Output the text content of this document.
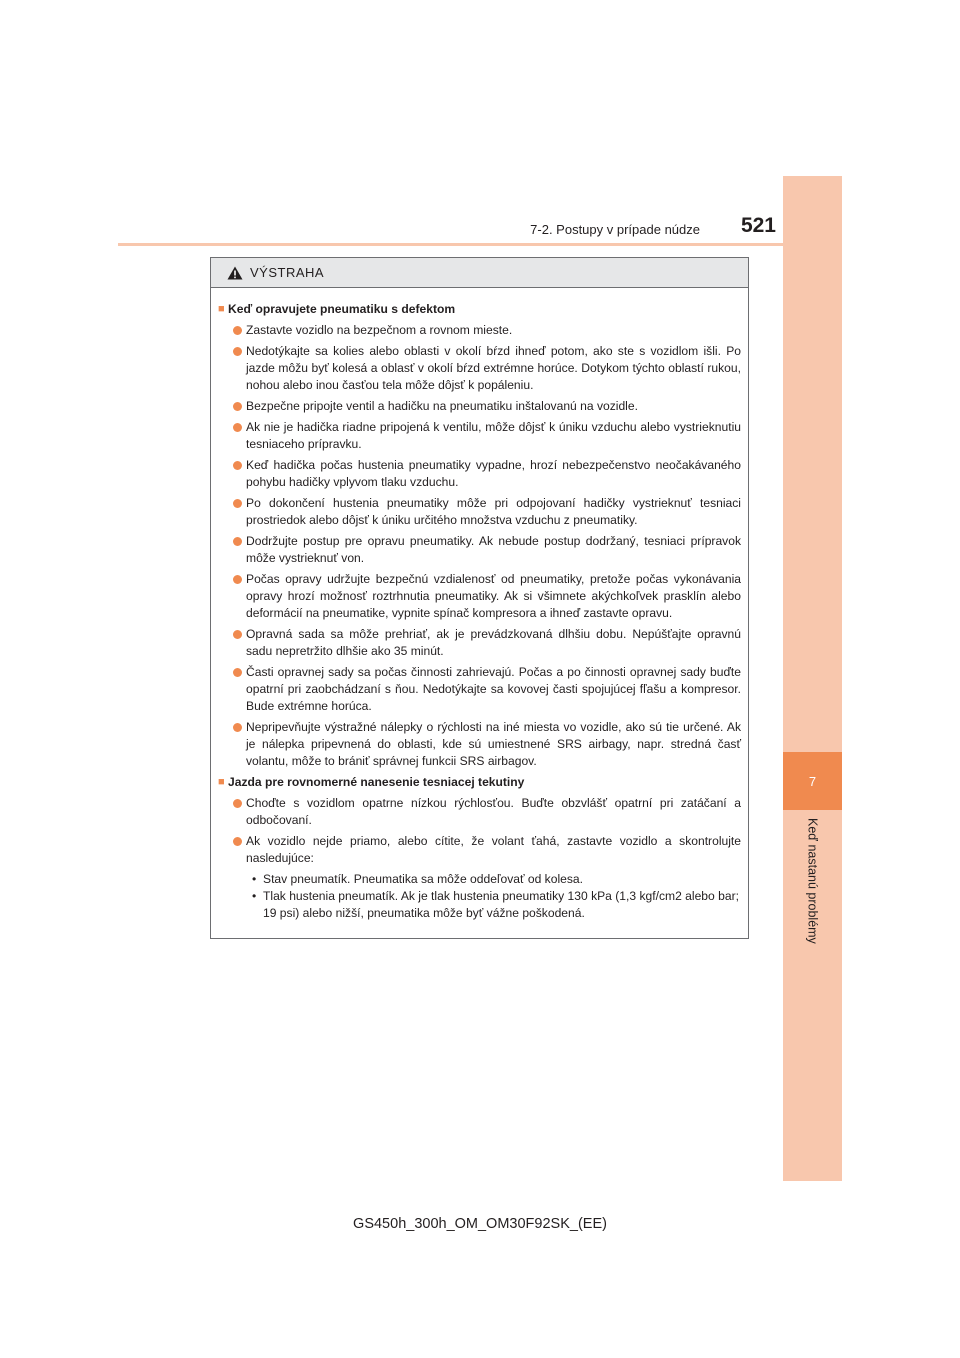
7
Keď nastanú problémy
7-2. Postupy v prípade núdze	521
VÝSTRAHA
■ Keď opravujete pneumatiku s defektom
Zastavte vozidlo na bezpečnom a rovnom mieste.
Nedotýkajte sa kolies alebo oblasti v okolí bŕzd ihneď potom, ako ste s vozidlom išli. Po jazde môžu byť kolesá a oblasť v okolí bŕzd extrémne horúce. Dotykom týchto oblastí rukou, nohou alebo inou časťou tela môže dôjsť k popáleniu.
Bezpečne pripojte ventil a hadičku na pneumatiku inštalovanú na vozidle.
Ak nie je hadička riadne pripojená k ventilu, môže dôjsť k úniku vzduchu alebo vystrieknutiu tesniaceho prípravku.
Keď hadička počas hustenia pneumatiky vypadne, hrozí nebezpečenstvo neočakávaného pohybu hadičky vplyvom tlaku vzduchu.
Po dokončení hustenia pneumatiky môže pri odpojovaní hadičky vystrieknuť tesniaci prostriedok alebo dôjsť k úniku určitého množstva vzduchu z pneumatiky.
Dodržujte postup pre opravu pneumatiky. Ak nebude postup dodržaný, tesniaci prípravok môže vystrieknuť von.
Počas opravy udržujte bezpečnú vzdialenosť od pneumatiky, pretože počas vykonávania opravy hrozí možnosť roztrhnutia pneumatiky. Ak si všimnete akýchkoľvek prasklín alebo deformácií na pneumatike, vypnite spínač kompresora a ihneď zastavte opravu.
Opravná sada sa môže prehriať, ak je prevádzkovaná dlhšiu dobu. Nepúšťajte opravnú sadu nepretržito dlhšie ako 35 minút.
Časti opravnej sady sa počas činnosti zahrievajú. Počas a po činnosti opravnej sady buďte opatrní pri zaobchádzaní s ňou. Nedotýkajte sa kovovej časti spojujúcej fľašu a kompresor. Bude extrémne horúca.
Nepripevňujte výstražné nálepky o rýchlosti na iné miesta vo vozidle, ako sú tie určené. Ak je nálepka pripevnená do oblasti, kde sú umiestnené SRS airbagy, napr. stredná časť volantu, môže to brániť správnej funkcii SRS airbagov.
■ Jazda pre rovnomerné nanesenie tesniacej tekutiny
Choďte s vozidlom opatrne nízkou rýchlosťou. Buďte obzvlášť opatrní pri zatáčaní a odbočovaní.
Ak vozidlo nejde priamo, alebo cítite, že volant ťahá, zastavte vozidlo a skontrolujte nasledujúce:
• Stav pneumatík. Pneumatika sa môže oddeľovať od kolesa.
• Tlak hustenia pneumatík. Ak je tlak hustenia pneumatiky 130 kPa (1,3 kgf/cm2 alebo bar; 19 psi) alebo nižší, pneumatika môže byť vážne poškodená.
GS450h_300h_OM_OM30F92SK_(EE)
